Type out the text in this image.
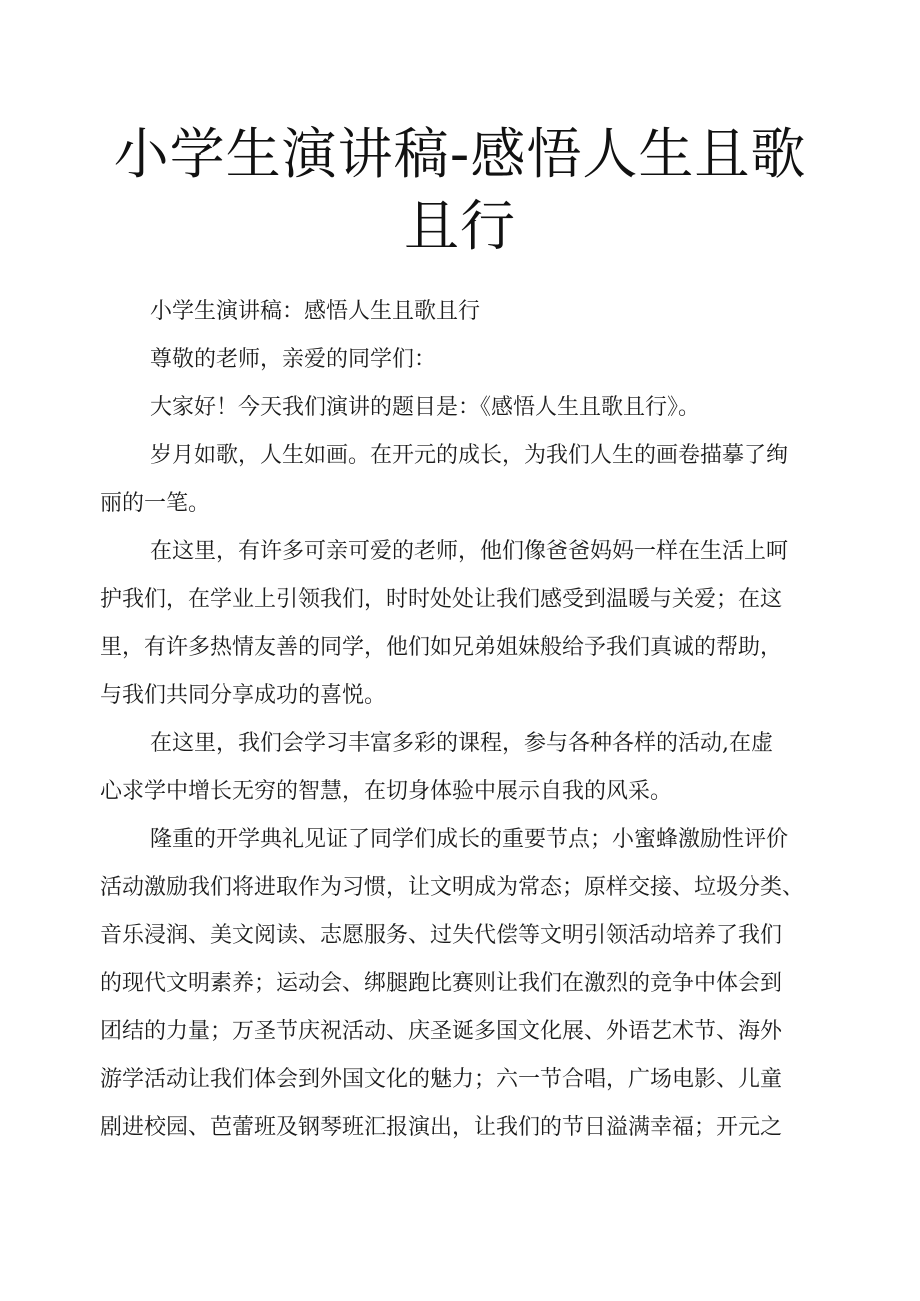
小学生演讲稿-感悟人生且歌
且行

小学生演讲稿：感悟人生且歌且行

尊敬的老师，亲爱的同学们：

大家好！今天我们演讲的题目是：《感悟人生且歌且行》。

岁月如歌，人生如画。在开元的成长，为我们人生的画卷描摹了绚
丽的一笔。

在这里，有许多可亲可爱的老师，他们像爸爸妈妈一样在生活上呵
护我们，在学业上引领我们，时时处处让我们感受到温暖与关爱；在这
里，有许多热情友善的同学，他们如兄弟姐妹般给予我们真诚的帮助，
与我们共同分享成功的喜悦。

在这里，我们会学习丰富多彩的课程，参与各种各样的活动,在虚
心求学中增长无穷的智慧，在切身体验中展示自我的风采。

隆重的开学典礼见证了同学们成长的重要节点；小蜜蜂激励性评价
活动激励我们将进取作为习惯，让文明成为常态；原样交接、垃圾分类、
音乐浸润、美文阅读、志愿服务、过失代偿等文明引领活动培养了我们
的现代文明素养；运动会、绑腿跑比赛则让我们在激烈的竞争中体会到
团结的力量；万圣节庆祝活动、庆圣诞多国文化展、外语艺术节、海外
游学活动让我们体会到外国文化的魅力；六一节合唱，广场电影、儿童
剧进校园、芭蕾班及钢琴班汇报演出，让我们的节日溢满幸福；开元之
